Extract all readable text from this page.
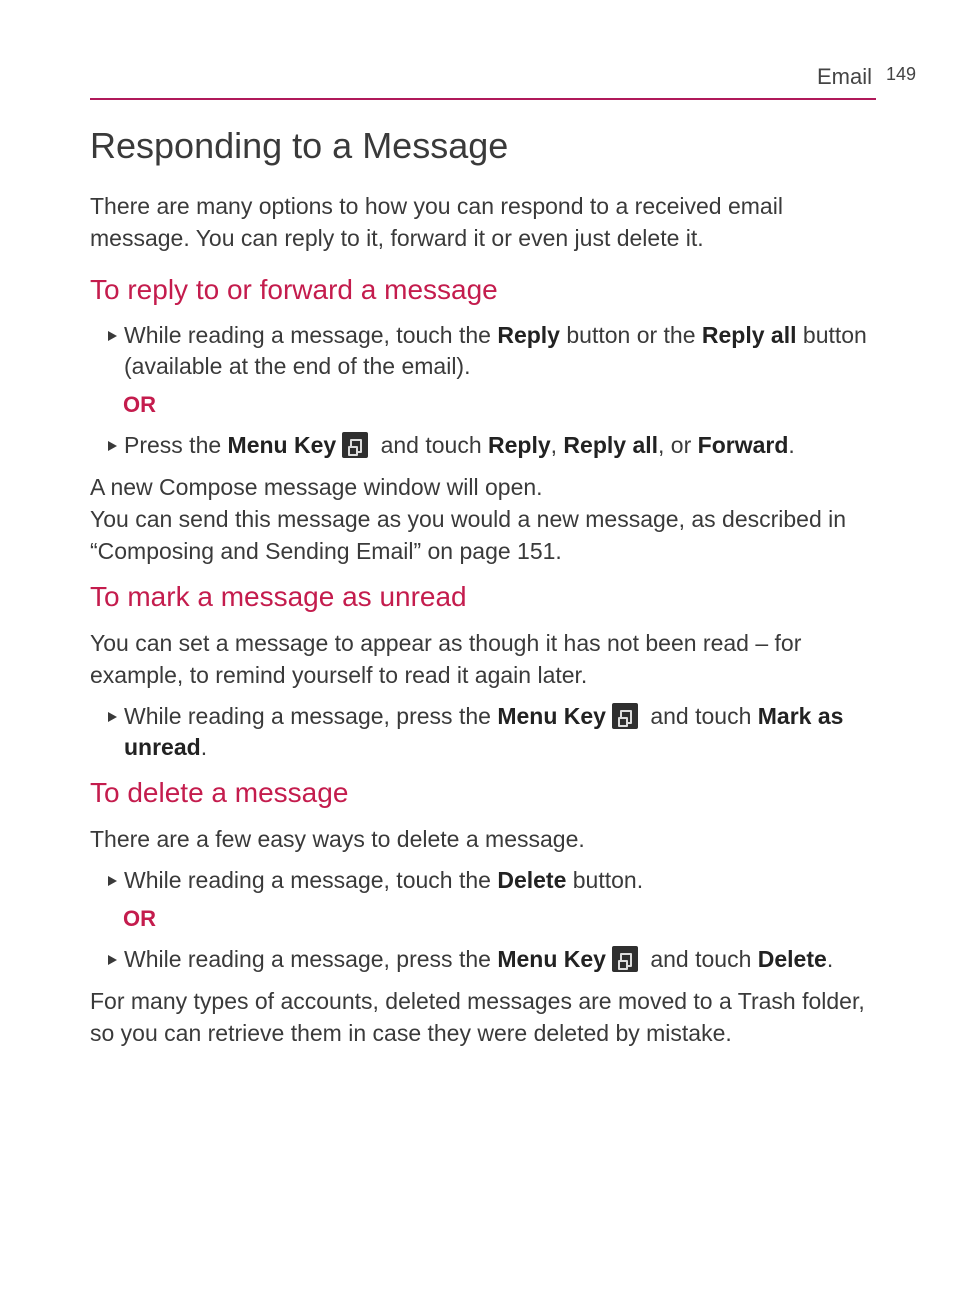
Email 149
Responding to a Message

There are many options to how you can respond to a received email message. You can reply to it, forward it or even just delete it.

To reply to or forward a message
While reading a message, touch the Reply button or the Reply all button (available at the end of the email).
OR
Press the Menu Key and touch Reply, Reply all, or Forward.

A new Compose message window will open.

You can send this message as you would a new message, as described in “Composing and Sending Email” on page 151.

To mark a message as unread

You can set a message to appear as though it has not been read – for example, to remind yourself to read it again later.

While reading a message, press the Menu Key and touch Mark as unread.
To delete a message

There are a few easy ways to delete a message.

While reading a message, touch the Delete button.
OR
While reading a message, press the Menu Key and touch Delete.

For many types of accounts, deleted messages are moved to a Trash folder, so you can retrieve them in case they were deleted by mistake.
